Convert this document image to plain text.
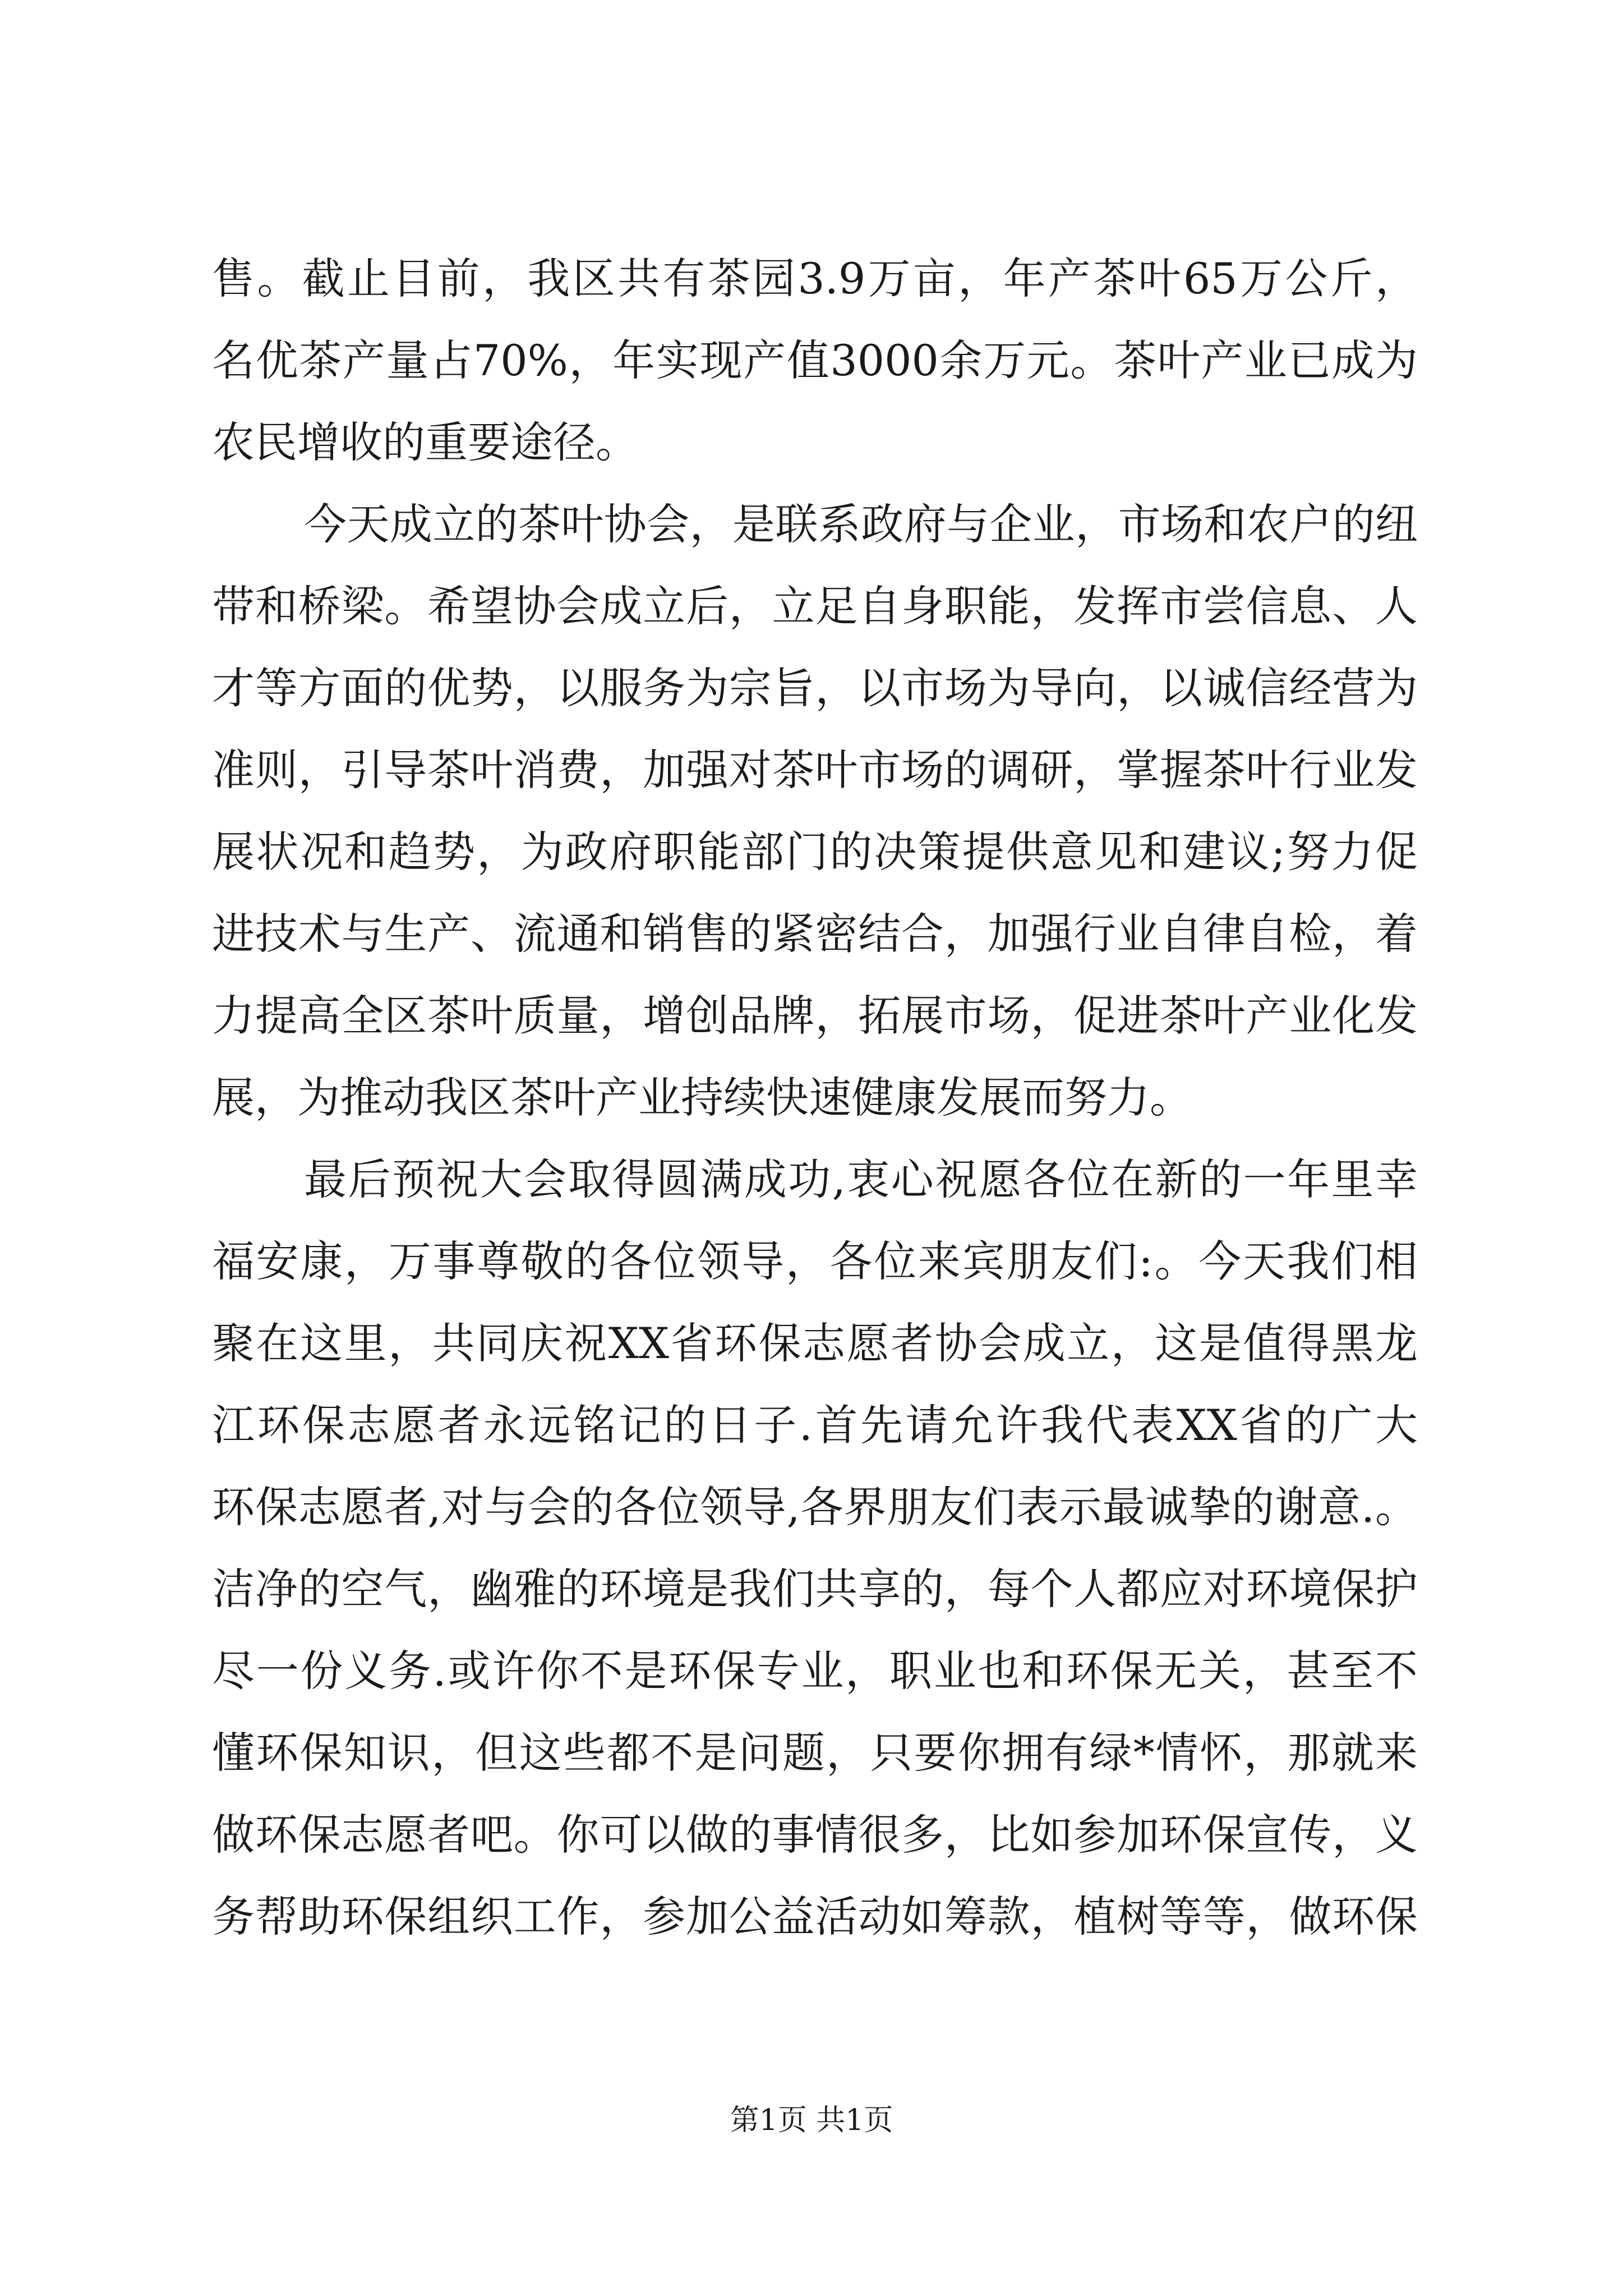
售。截止目前，我区共有茶园3.9万亩，年产茶叶65万公斤，
名优茶产量占70%，年实现产值3000余万元。茶叶产业已成为
农民增收的重要途径。
今天成立的茶叶协会，是联系政府与企业，市场和农户的纽
带和桥梁。希望协会成立后，立足自身职能，发挥市尝信息、人
才等方面的优势，以服务为宗旨，以市场为导向，以诚信经营为
准则，引导茶叶消费，加强对茶叶市场的调研，掌握茶叶行业发
展状况和趋势，为政府职能部门的决策提供意见和建议;努力促
进技术与生产、流通和销售的紧密结合，加强行业自律自检，着
力提高全区茶叶质量，增创品牌，拓展市场，促进茶叶产业化发
展，为推动我区茶叶产业持续快速健康发展而努力。
最后预祝大会取得圆满成功,衷心祝愿各位在新的一年里幸
福安康，万事尊敬的各位领导，各位来宾朋友们:。今天我们相
聚在这里，共同庆祝XX省环保志愿者协会成立，这是值得黑龙
江环保志愿者永远铭记的日子.首先请允许我代表XX省的广大
环保志愿者,对与会的各位领导,各界朋友们表示最诚挚的谢意.。
洁净的空气，幽雅的环境是我们共享的，每个人都应对环境保护
尽一份义务.或许你不是环保专业，职业也和环保无关，甚至不
懂环保知识，但这些都不是问题，只要你拥有绿*情怀，那就来
做环保志愿者吧。你可以做的事情很多，比如参加环保宣传，义
务帮助环保组织工作，参加公益活动如筹款，植树等等，做环保
第1页 共1页
